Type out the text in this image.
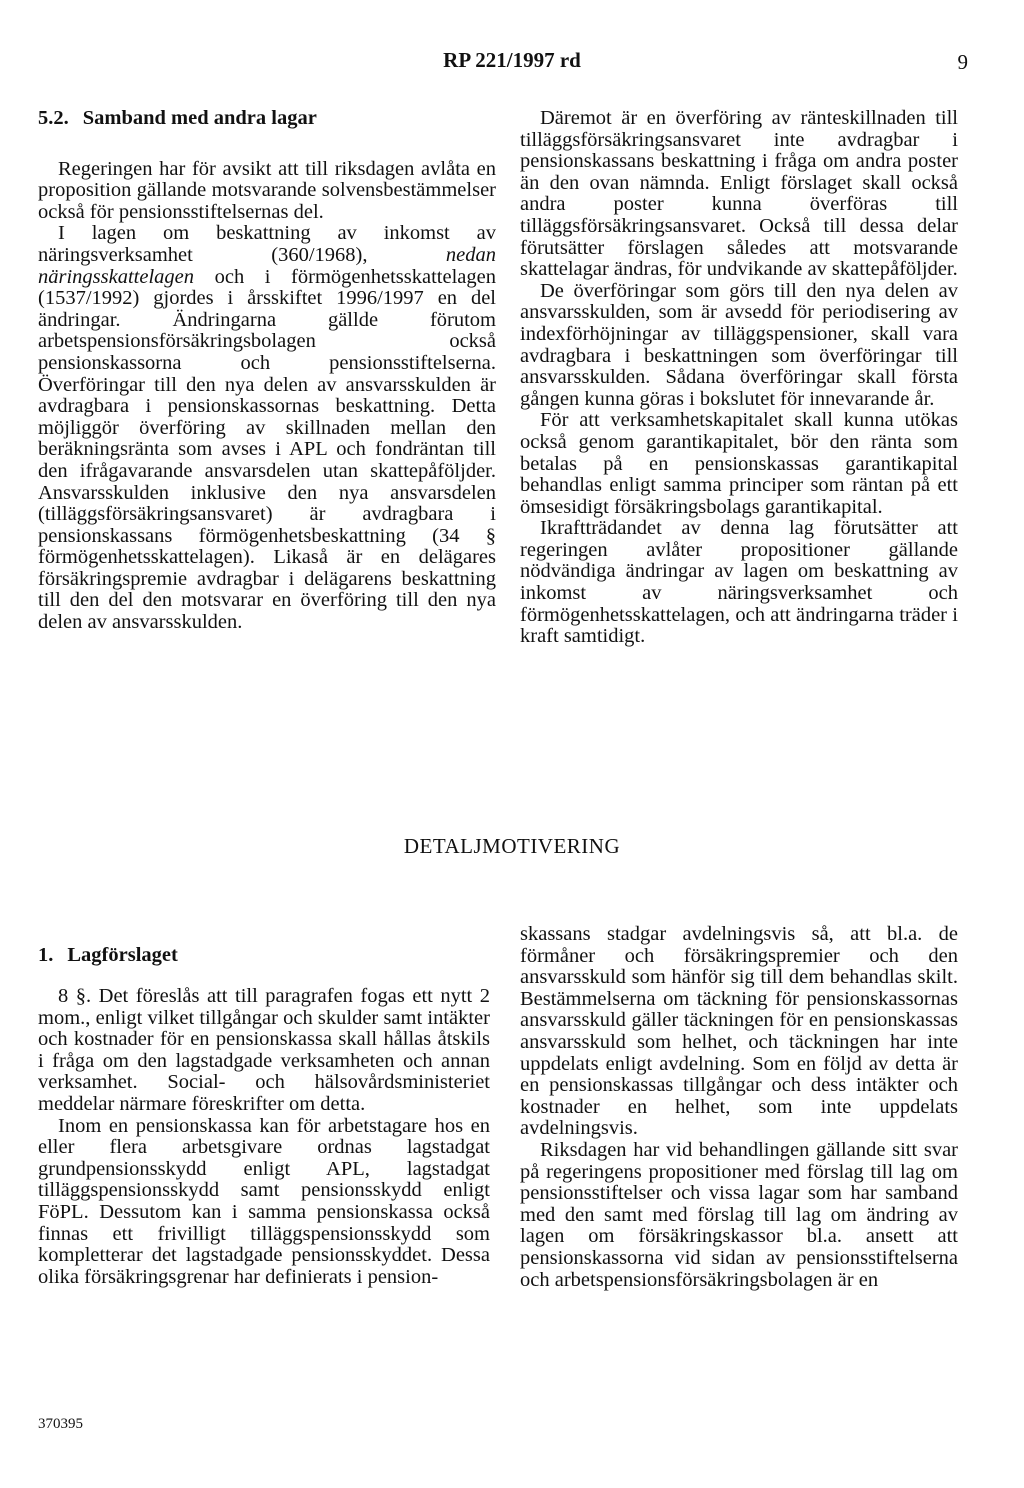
RP 221/1997 rd	9
5.2. Samband med andra lagar

Regeringen har för avsikt att till riksdagen avlåta en proposition gällande motsvarande solvensbestämmelser också för pensionsstiftelsernas del.

I lagen om beskattning av inkomst av näringsverksamhet (360/1968), nedan näringsskattelagen och i förmögenhetsskattelagen (1537/1992) gjordes i årsskiftet 1996/1997 en del ändringar. Ändringarna gällde förutom arbetspensionsförsäkringsbolagen också pensionskassorna och pensionsstiftelserna. Överföringar till den nya delen av ansvarsskulden är avdragbara i pensionskassornas beskattning. Detta möjliggör överföring av skillnaden mellan den beräkningsränta som avses i APL och fondräntan till den ifrågavarande ansvarsdelen utan skattepåföljder. Ansvarsskulden inklusive den nya ansvarsdelen (tilläggsförsäkringsansvaret) är avdragbara i pensionskassans förmögenhetsbeskattning (34 § förmögenhetsskattelagen). Likaså är en delägares försäkringspremie avdragbar i delägarens beskattning till den del den motsvarar en överföring till den nya delen av ansvarsskulden.

Däremot är en överföring av ränteskillnaden till tilläggsförsäkringsansvaret inte avdragbar i pensionskassans beskattning i fråga om andra poster än den ovan nämnda. Enligt förslaget skall också andra poster kunna överföras till tilläggsförsäkringsansvaret. Också till dessa delar förutsätter förslagen således att motsvarande skattelagar ändras, för undvikande av skattepåföljder.

De överföringar som görs till den nya delen av ansvarsskulden, som är avsedd för periodisering av indexförhöjningar av tilläggspensioner, skall vara avdragbara i beskattningen som överföringar till ansvarsskulden. Sådana överföringar skall första gången kunna göras i bokslutet för innevarande år.

För att verksamhetskapitalet skall kunna utökas också genom garantikapitalet, bör den ränta som betalas på en pensionskassas garantikapital behandlas enligt samma principer som räntan på ett ömsesidigt försäkringsbolags garantikapital.

Ikraftträdandet av denna lag förutsätter att regeringen avlåter propositioner gällande nödvändiga ändringar av lagen om beskattning av inkomst av näringsverksamhet och förmögenhetsskattelagen, och att ändringarna träder i kraft samtidigt.

DETALJMOTIVERING
1. Lagförslaget

8 §. Det föreslås att till paragrafen fogas ett nytt 2 mom., enligt vilket tillgångar och skulder samt intäkter och kostnader för en pensionskassa skall hållas åtskils i fråga om den lagstadgade verksamheten och annan verksamhet. Social- och hälsovårdsministeriet meddelar närmare föreskrifter om detta.

Inom en pensionskassa kan för arbetstagare hos en eller flera arbetsgivare ordnas lagstadgat grundpensionsskydd enligt APL, lagstadgat tilläggspensionsskydd samt pensionsskydd enligt FöPL. Dessutom kan i samma pensionskassa också finnas ett frivilligt tilläggspensionsskydd som kompletterar det lagstadgade pensionsskyddet. Dessa olika försäkringsgrenar har definierats i pension-

skassans stadgar avdelningsvis så, att bl.a. de förmåner och försäkringspremier och den ansvarsskuld som hänför sig till dem behandlas skilt. Bestämmelserna om täckning för pensionskassornas ansvarsskuld gäller täckningen för en pensionskassas ansvarsskuld som helhet, och täckningen har inte uppdelats enligt avdelning. Som en följd av detta är en pensionskassas tillgångar och dess intäkter och kostnader en helhet, som inte uppdelats avdelningsvis.

Riksdagen har vid behandlingen gällande sitt svar på regeringens propositioner med förslag till lag om pensionsstiftelser och vissa lagar som har samband med den samt med förslag till lag om ändring av lagen om försäkringskassor bl.a. ansett att pensionskassorna vid sidan av pensionsstiftelserna och arbetspensionsförsäkringsbolagen är en

370395
